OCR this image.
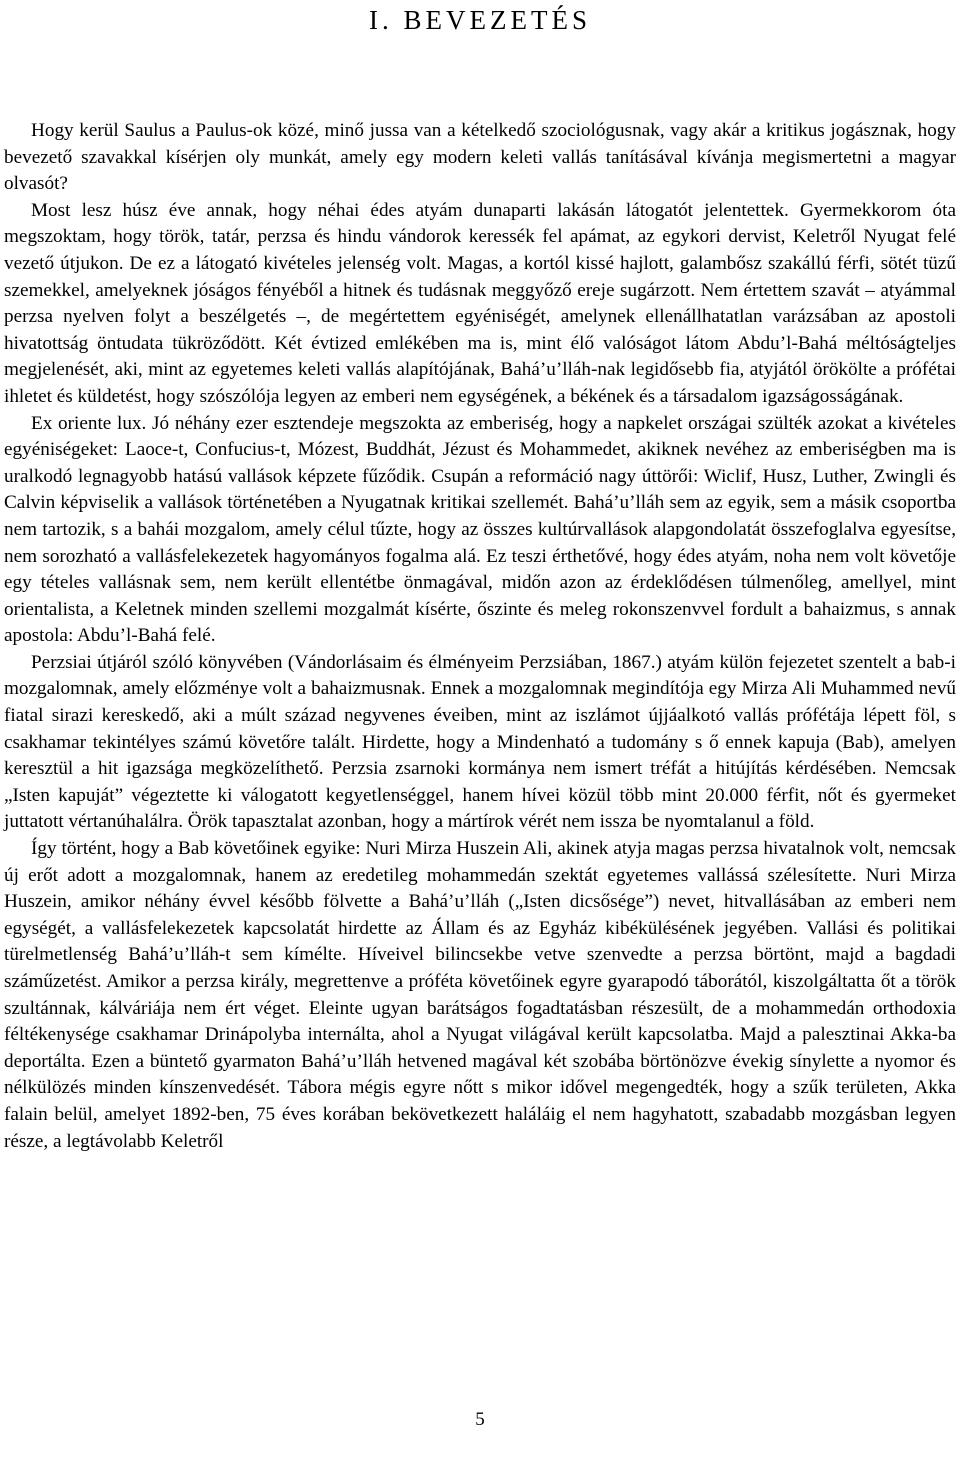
I. BEVEZETÉS

Hogy kerül Saulus a Paulus-ok közé, minő jussa van a kételkedő szociológusnak, vagy akár a kritikus jogásznak, hogy bevezető szavakkal kísérjen oly munkát, amely egy modern keleti vallás tanításával kívánja megismertetni a magyar olvasót?

Most lesz húsz éve annak, hogy néhai édes atyám dunaparti lakásán látogatót jelentettek. Gyermekkorom óta megszoktam, hogy török, tatár, perzsa és hindu vándorok keressék fel apámat, az egykori dervist, Keletről Nyugat felé vezető útjukon. De ez a látogató kivételes jelenség volt. Magas, a kortól kissé hajlott, galambősz szakállú férfi, sötét tüzű szemekkel, amelyeknek jóságos fényéből a hitnek és tudásnak meggyőző ereje sugárzott. Nem értettem szavát – atyámmal perzsa nyelven folyt a beszélgetés –, de megértettem egyéniségét, amelynek ellenállhatatlan varázsában az apostoli hivatottság öntudata tükröződött. Két évtized emlékében ma is, mint élő valóságot látom Abdu’l-Bahá méltóságteljes megjelenését, aki, mint az egyetemes keleti vallás alapítójának, Bahá’u’lláh-nak legidősebb fia, atyjától örökölte a prófétai ihletet és küldetést, hogy szószólója legyen az emberi nem egységének, a békének és a társadalom igazságosságának.

Ex oriente lux. Jó néhány ezer esztendeje megszokta az emberiség, hogy a napkelet országai szülték azokat a kivételes egyéniségeket: Laoce-t, Confucius-t, Mózest, Buddhát, Jézust és Mohammedet, akiknek nevéhez az emberiségben ma is uralkodó legnagyobb hatású vallások képzete fűződik. Csupán a reformáció nagy úttörői: Wiclif, Husz, Luther, Zwingli és Calvin képviselik a vallások történetében a Nyugatnak kritikai szellemét. Bahá’u’lláh sem az egyik, sem a másik csoportba nem tartozik, s a bahái mozgalom, amely célul tűzte, hogy az összes kultúrvallások alapgondolatát összefoglalva egyesítse, nem sorozható a vallásfelekezetek hagyományos fogalma alá. Ez teszi érthetővé, hogy édes atyám, noha nem volt követője egy tételes vallásnak sem, nem került ellentétbe önmagával, midőn azon az érdeklődésen túlmenőleg, amellyel, mint orientalista, a Keletnek minden szellemi mozgalmát kísérte, őszinte és meleg rokonszenvvel fordult a bahaizmus, s annak apostola: Abdu’l-Bahá felé.

Perzsiai útjáról szóló könyvében (Vándorlásaim és élményeim Perzsiában, 1867.) atyám külön fejezetet szentelt a bab-i mozgalomnak, amely előzménye volt a bahaizmusnak. Ennek a mozgalomnak megindítója egy Mirza Ali Muhammed nevű fiatal sirazi kereskedő, aki a múlt század negyvenes éveiben, mint az iszlámot újjáalkotó vallás prófétája lépett föl, s csakhamar tekintélyes számú követőre talált. Hirdette, hogy a Mindenható a tudomány s ő ennek kapuja (Bab), amelyen keresztül a hit igazsága megközelíthető. Perzsia zsarnoki kormánya nem ismert tréfát a hitújítás kérdésében. Nemcsak „Isten kapuját” végeztette ki válogatott kegyetlenséggel, hanem hívei közül több mint 20.000 férfit, nőt és gyermeket juttatott vértanúhalálra. Örök tapasztalat azonban, hogy a mártírok vérét nem issza be nyomtalanul a föld.

Így történt, hogy a Bab követőinek egyike: Nuri Mirza Huszein Ali, akinek atyja magas perzsa hivatalnok volt, nemcsak új erőt adott a mozgalomnak, hanem az eredetileg mohammedán szektát egyetemes vallássá szélesítette. Nuri Mirza Huszein, amikor néhány évvel később fölvette a Bahá’u’lláh („Isten dicsősége”) nevet, hitvallásában az emberi nem egységét, a vallásfelekezetek kapcsolatát hirdette az Állam és az Egyház kibékülésének jegyében. Vallási és politikai türelmetlenség Bahá’u’lláh-t sem kímélte. Híveivel bilincsekbe vetve szenvedte a perzsa börtönt, majd a bagdadi száműzetést. Amikor a perzsa király, megrettenve a próféta követőinek egyre gyarapodó táborától, kiszolgáltatta őt a török szultánnak, kálváriája nem ért véget. Eleinte ugyan barátságos fogadtatásban részesült, de a mohammedán orthodoxia féltékenysége csakhamar Drinápolyba internálta, ahol a Nyugat világával került kapcsolatba. Majd a palesztinai Akka-ba deportálta. Ezen a büntető gyarmaton Bahá’u’lláh hetvened magával két szobába börtönözve évekig sínylette a nyomor és nélkülözés minden kínszenvedését. Tábora mégis egyre nőtt s mikor idővel megengedték, hogy a szűk területen, Akka falain belül, amelyet 1892-ben, 75 éves korában bekövetkezett haláláig el nem hagyhatott, szabadabb mozgásban legyen része, a legtávolabb Keletről

5
